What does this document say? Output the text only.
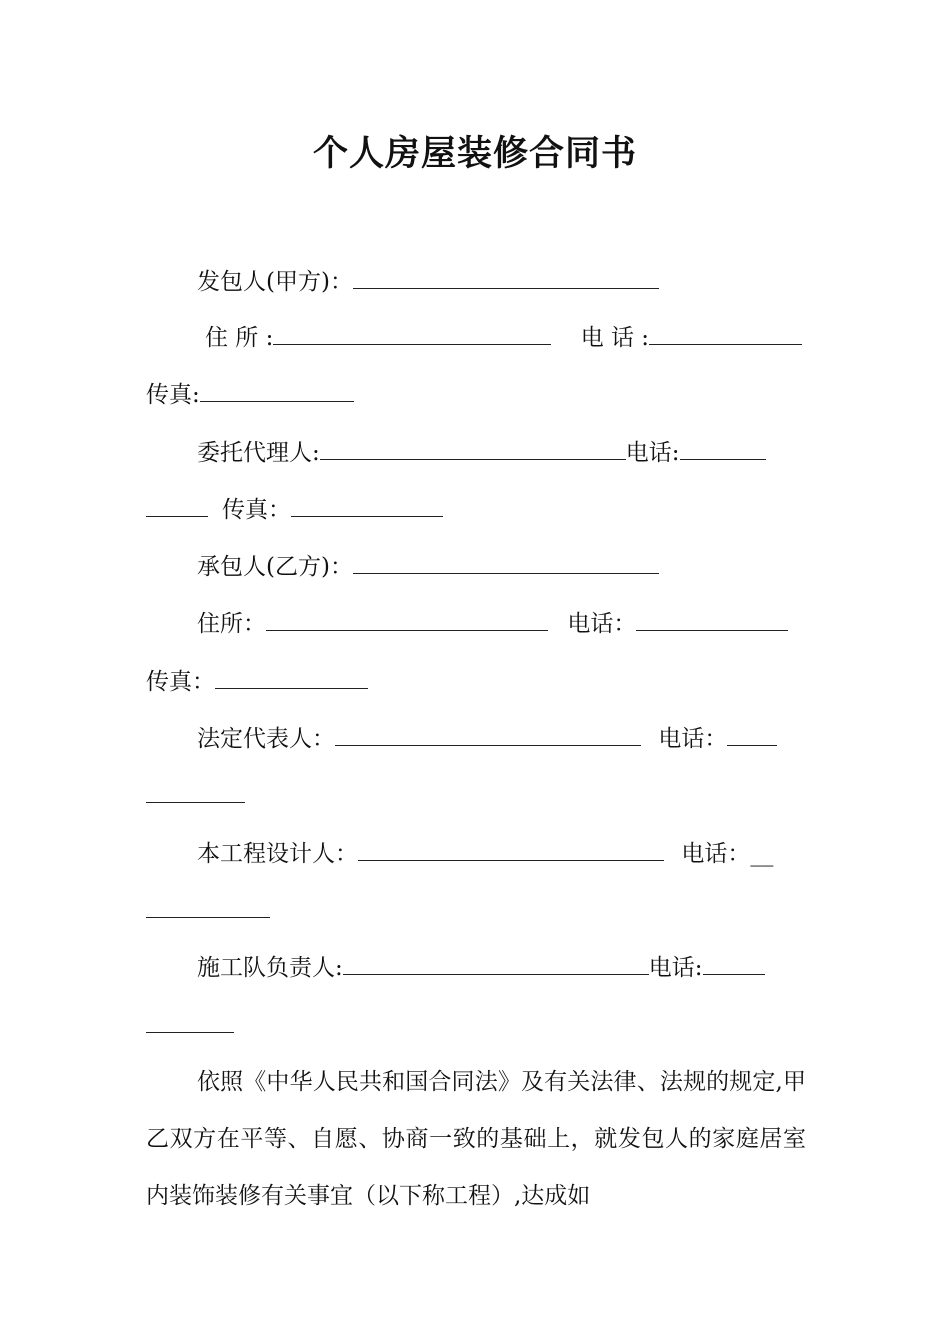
个人房屋装修合同书
发包人(甲方)：
住 所 :	电 话 :
传真:
委托代理人:	电话:
传真：
承包人(乙方)：
住所：	电话：
传真：
法定代表人：	电话：
本工程设计人：	电话：__
施工队负责人:	电话:

依照《中华人民共和国合同法》及有关法律、法规的规定,甲乙双方在平等、自愿、协商一致的基础上，就发包人的家庭居室内装饰装修有关事宜（以下称工程）,达成如
